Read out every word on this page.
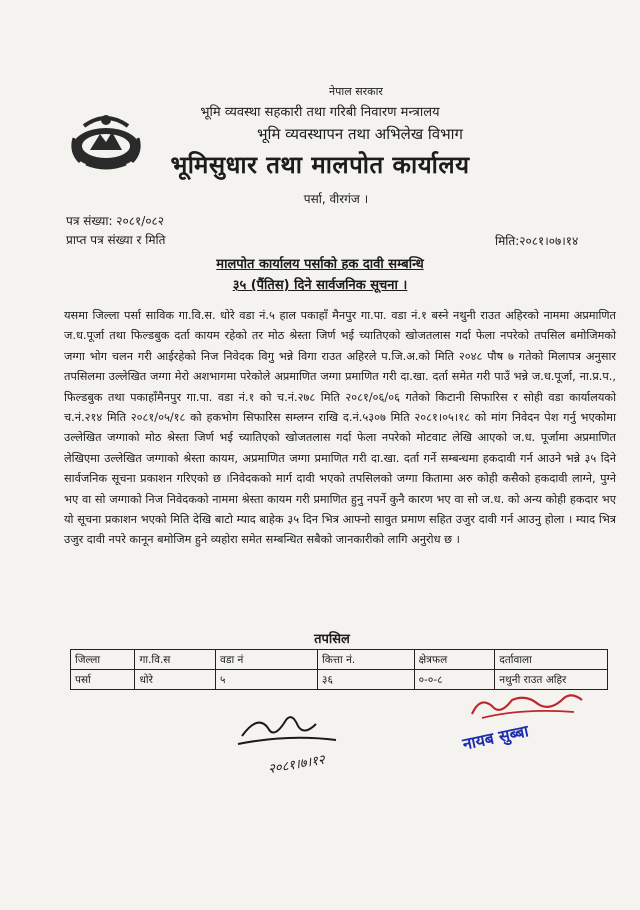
नेपाल सरकार
भूमि व्यवस्था सहकारी तथा गरिबी निवारण मन्त्रालय
भूमि व्यवस्थापन तथा अभिलेख विभाग
भूमिसुधार तथा मालपोत कार्यालय
पर्सा, वीरगंज ।
पत्र संख्या: २०८१/०८२
प्राप्त पत्र संख्या र मिति	मिति:२०८१।०७।१४
मालपोत कार्यालय पर्साको हक दावी सम्बन्धि
३५ (पैंतिस) दिने सार्वजनिक सूचना ।
यसमा जिल्ला पर्सा साविक गा.वि.स. धोरे वडा नं.५ हाल पकाहाँ मैनपुर गा.पा. वडा नं.१ बस्ने नथुनी राउत अहिरको नाममा अप्रमाणित ज.ध.पूर्जा तथा फिल्डबुक दर्ता कायम रहेको तर मोठ श्रेस्ता जिर्ण भई च्यातिएको खोजतलास गर्दा फेला नपरेको तपसिल बमोजिमको जग्गा भोग चलन गरी आईरहेको निज निवेदक विगु भन्ने विगा राउत अहिरले प.जि.अ.को मिति २०४८ पौष ७ गतेको मिलापत्र अनुसार तपसिलमा उल्लेखित जग्गा मेरो अशभागमा परेकोले अप्रमाणित जग्गा प्रमाणित गरी दा.खा. दर्ता समेत गरी पाउँ भन्ने ज.ध.पूर्जा, ना.प्र.प., फिल्डबुक तथा पकाहाँमैनपुर गा.पा. वडा नं.१ को च.नं.२७८ मिति २०८१/०६/०६ गतेको किटानी सिफारिस र सोही वडा कार्यालयको च.नं.२१४ मिति २०८१/०५/१८ को हकभोग सिफारिस सम्लग्न राखि द.नं.५३०७ मिति २०८१।०५।१८ को मांग निवेदन पेश गर्नु भएकोमा उल्लेखित जग्गाको मोठ श्रेस्ता जिर्ण भई च्यातिएको खोजतलास गर्दा फेला नपरेको मोटवाट लेखि आएको ज.ध. पूर्जामा अप्रमाणित लेखिएमा उल्लेखित जग्गाको श्रेस्ता कायम, अप्रमाणित जग्गा प्रमाणित गरी दा.खा. दर्ता गर्ने सम्बन्धमा हकदावी गर्न आउने भन्ने ३५ दिने सार्वजनिक सूचना प्रकाशन गरिएको छ ।निवेदकको मार्ग दावी भएको तपसिलको जग्गा कितामा अरु कोही कसैको हकदावी लाग्ने, पुग्ने भए वा सो जग्गाको निज निवेदकको नाममा श्रेस्ता कायम गरी प्रमाणित हुनु नपर्ने कुनै कारण भए वा सो ज.ध. को अन्य कोही हकदार भए यो सूचना प्रकाशन भएको मिति देखि बाटो म्याद बाहेक ३५ दिन भित्र आफ्नो सावुत प्रमाण सहित उजुर दावी गर्न आउनु होला । म्याद भित्र उजुर दावी नपरे कानून बमोजिम हुने व्यहोरा समेत सम्बन्धित सबैको जानकारीको लागि अनुरोध छ ।
तपसिल
जिल्ला	गा.वि.स	वडा नं	कित्ता नं.	क्षेत्रफल	दर्तावाला
पर्सा	धोरे	५	३६	०-०-८	नथुनी राउत अहिर
२०८१।७।१२
नायब सुब्बा
